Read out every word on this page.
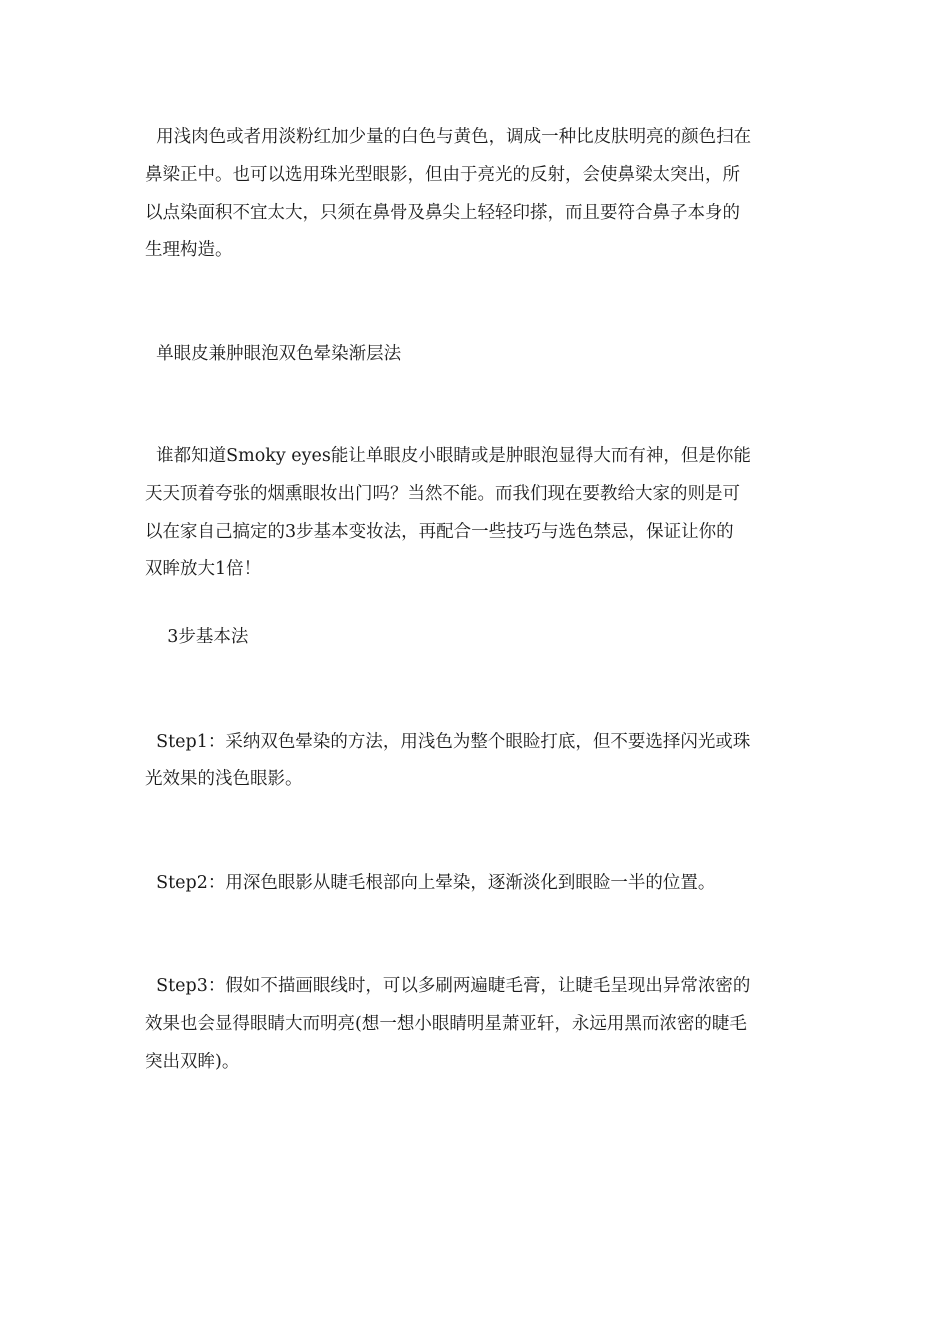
用浅肉色或者用淡粉红加少量的白色与黄色，调成一种比皮肤明亮的颜色扫在
鼻梁正中。也可以选用珠光型眼影，但由于亮光的反射，会使鼻梁太突出，所
以点染面积不宜太大，只须在鼻骨及鼻尖上轻轻印搽，而且要符合鼻子本身的
生理构造。
单眼皮兼肿眼泡双色晕染渐层法
谁都知道Smoky eyes能让单眼皮小眼睛或是肿眼泡显得大而有神，但是你能
天天顶着夸张的烟熏眼妆出门吗？当然不能。而我们现在要教给大家的则是可
以在家自己搞定的3步基本变妆法，再配合一些技巧与选色禁忌，保证让你的
双眸放大1倍！
3步基本法
Step1：采纳双色晕染的方法，用浅色为整个眼睑打底，但不要选择闪光或珠
光效果的浅色眼影。
Step2：用深色眼影从睫毛根部向上晕染，逐渐淡化到眼睑一半的位置。
Step3：假如不描画眼线时，可以多刷两遍睫毛膏，让睫毛呈现出异常浓密的
效果也会显得眼睛大而明亮(想一想小眼睛明星萧亚轩，永远用黑而浓密的睫毛
突出双眸)。
